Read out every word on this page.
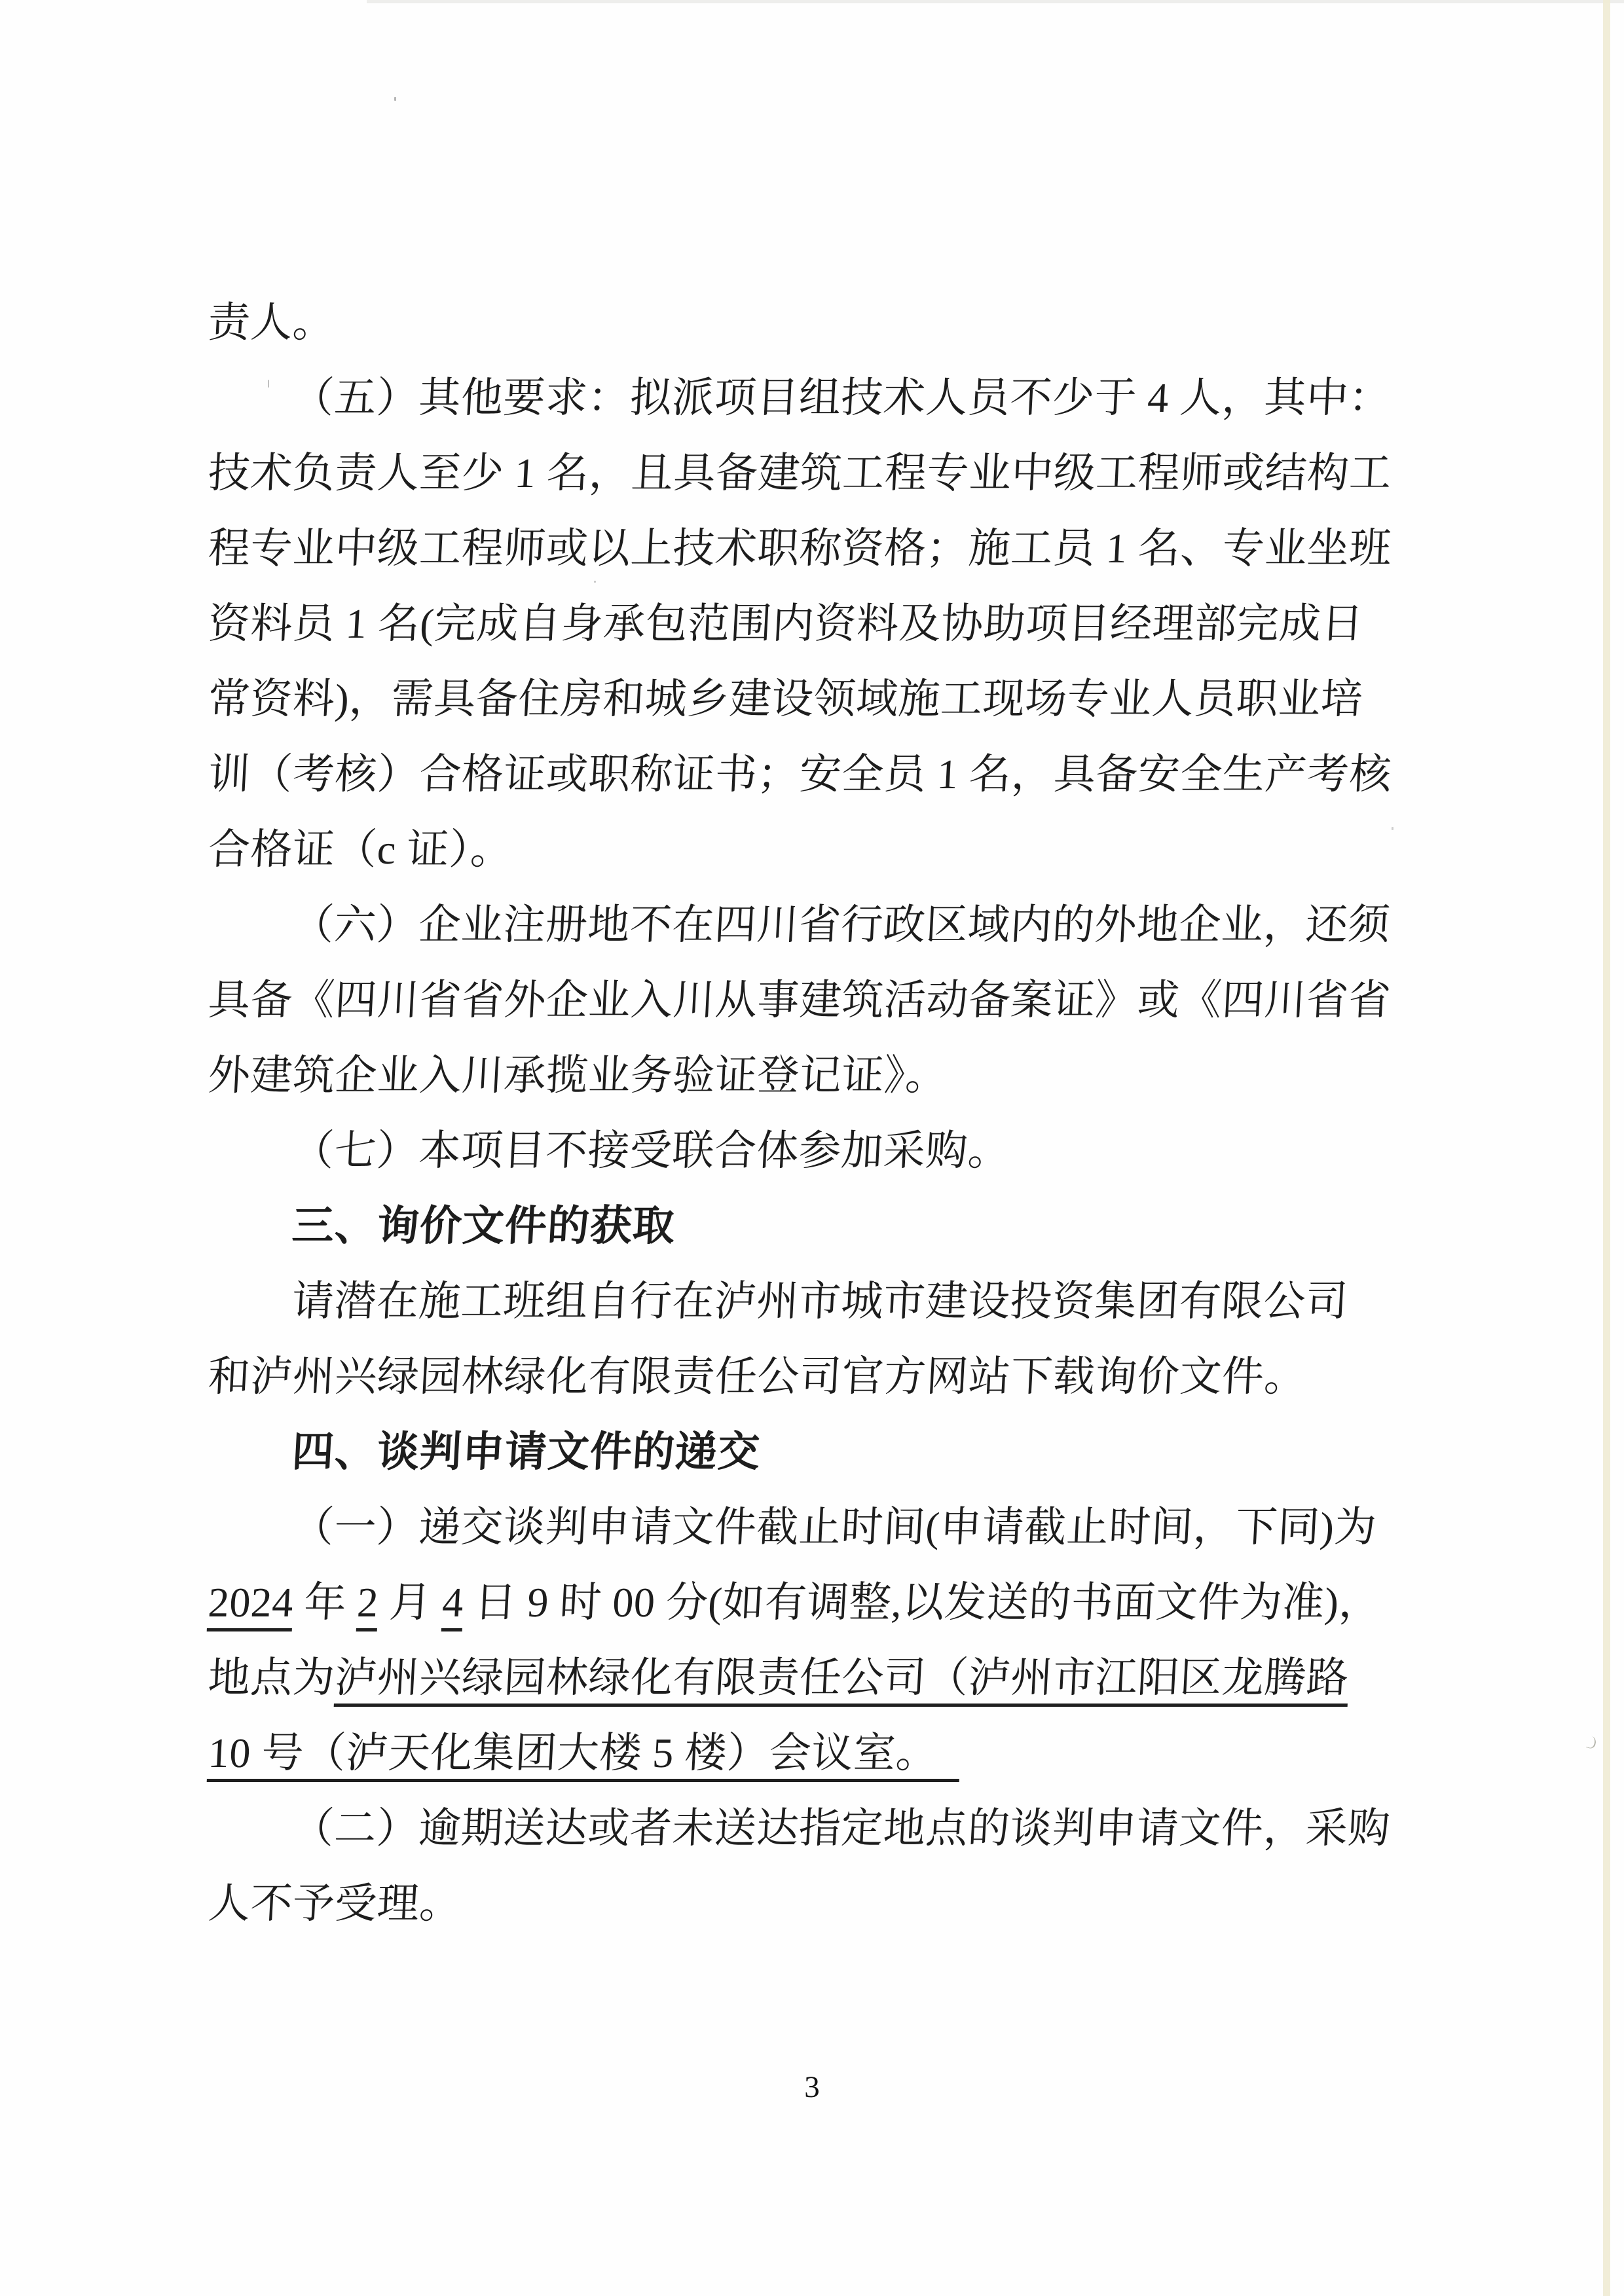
责人。
（五）其他要求：拟派项目组技术人员不少于 4 人，其中：
技术负责人至少 1 名，且具备建筑工程专业中级工程师或结构工
程专业中级工程师或以上技术职称资格；施工员 1 名、专业坐班
资料员 1 名(完成自身承包范围内资料及协助项目经理部完成日
常资料)，需具备住房和城乡建设领域施工现场专业人员职业培
训（考核）合格证或职称证书；安全员 1 名，具备安全生产考核
合格证（c 证）。
（六）企业注册地不在四川省行政区域内的外地企业，还须
具备《四川省省外企业入川从事建筑活动备案证》或《四川省省
外建筑企业入川承揽业务验证登记证》。
（七）本项目不接受联合体参加采购。
三、询价文件的获取
请潜在施工班组自行在泸州市城市建设投资集团有限公司
和泸州兴绿园林绿化有限责任公司官方网站下载询价文件。
四、谈判申请文件的递交
（一）递交谈判申请文件截止时间(申请截止时间，下同)为
2024 年 2 月 4 日 9 时 00 分(如有调整,以发送的书面文件为准)，
地点为泸州兴绿园林绿化有限责任公司（泸州市江阳区龙腾路
10 号（泸天化集团大楼 5 楼）会议室。
（二）逾期送达或者未送达指定地点的谈判申请文件，采购
人不予受理。
3
